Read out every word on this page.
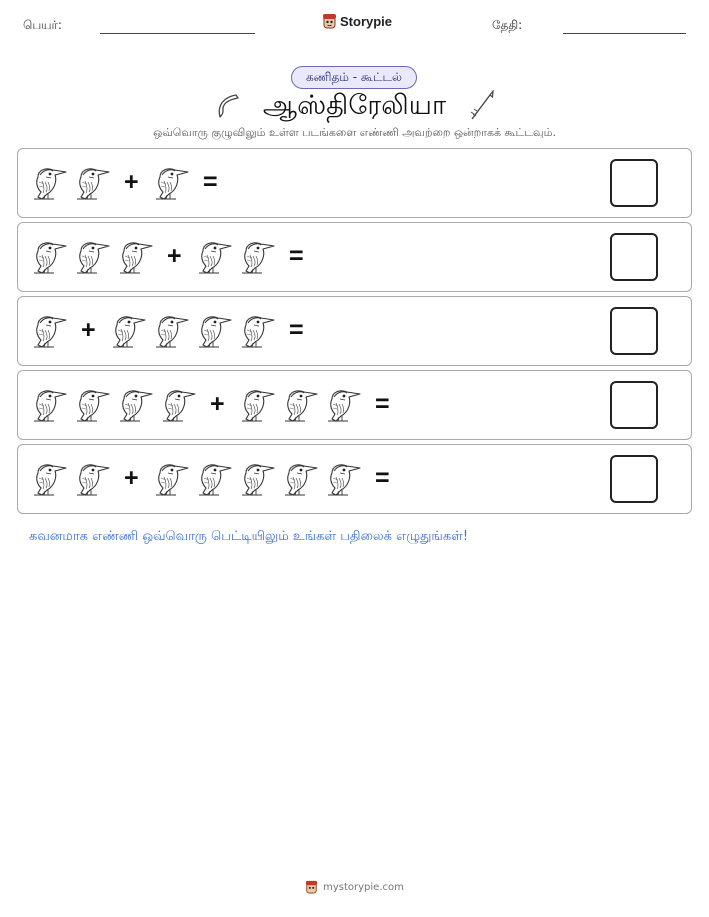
பெயர்:	Storypie	தேதி:
கணிதம் - கூட்டல்
ஆஸ்திரேலியா
ஒவ்வொரு குழுவிலும் உள்ள படங்களை எண்ணி அவற்றை ஒன்றாகக் கூட்டவும்.
+	=
+	=
+	=
+	=
+	=
கவனமாக எண்ணி ஒவ்வொரு பெட்டியிலும் உங்கள் பதிலைக் எழுதுங்கள்!
mystorypie.com
